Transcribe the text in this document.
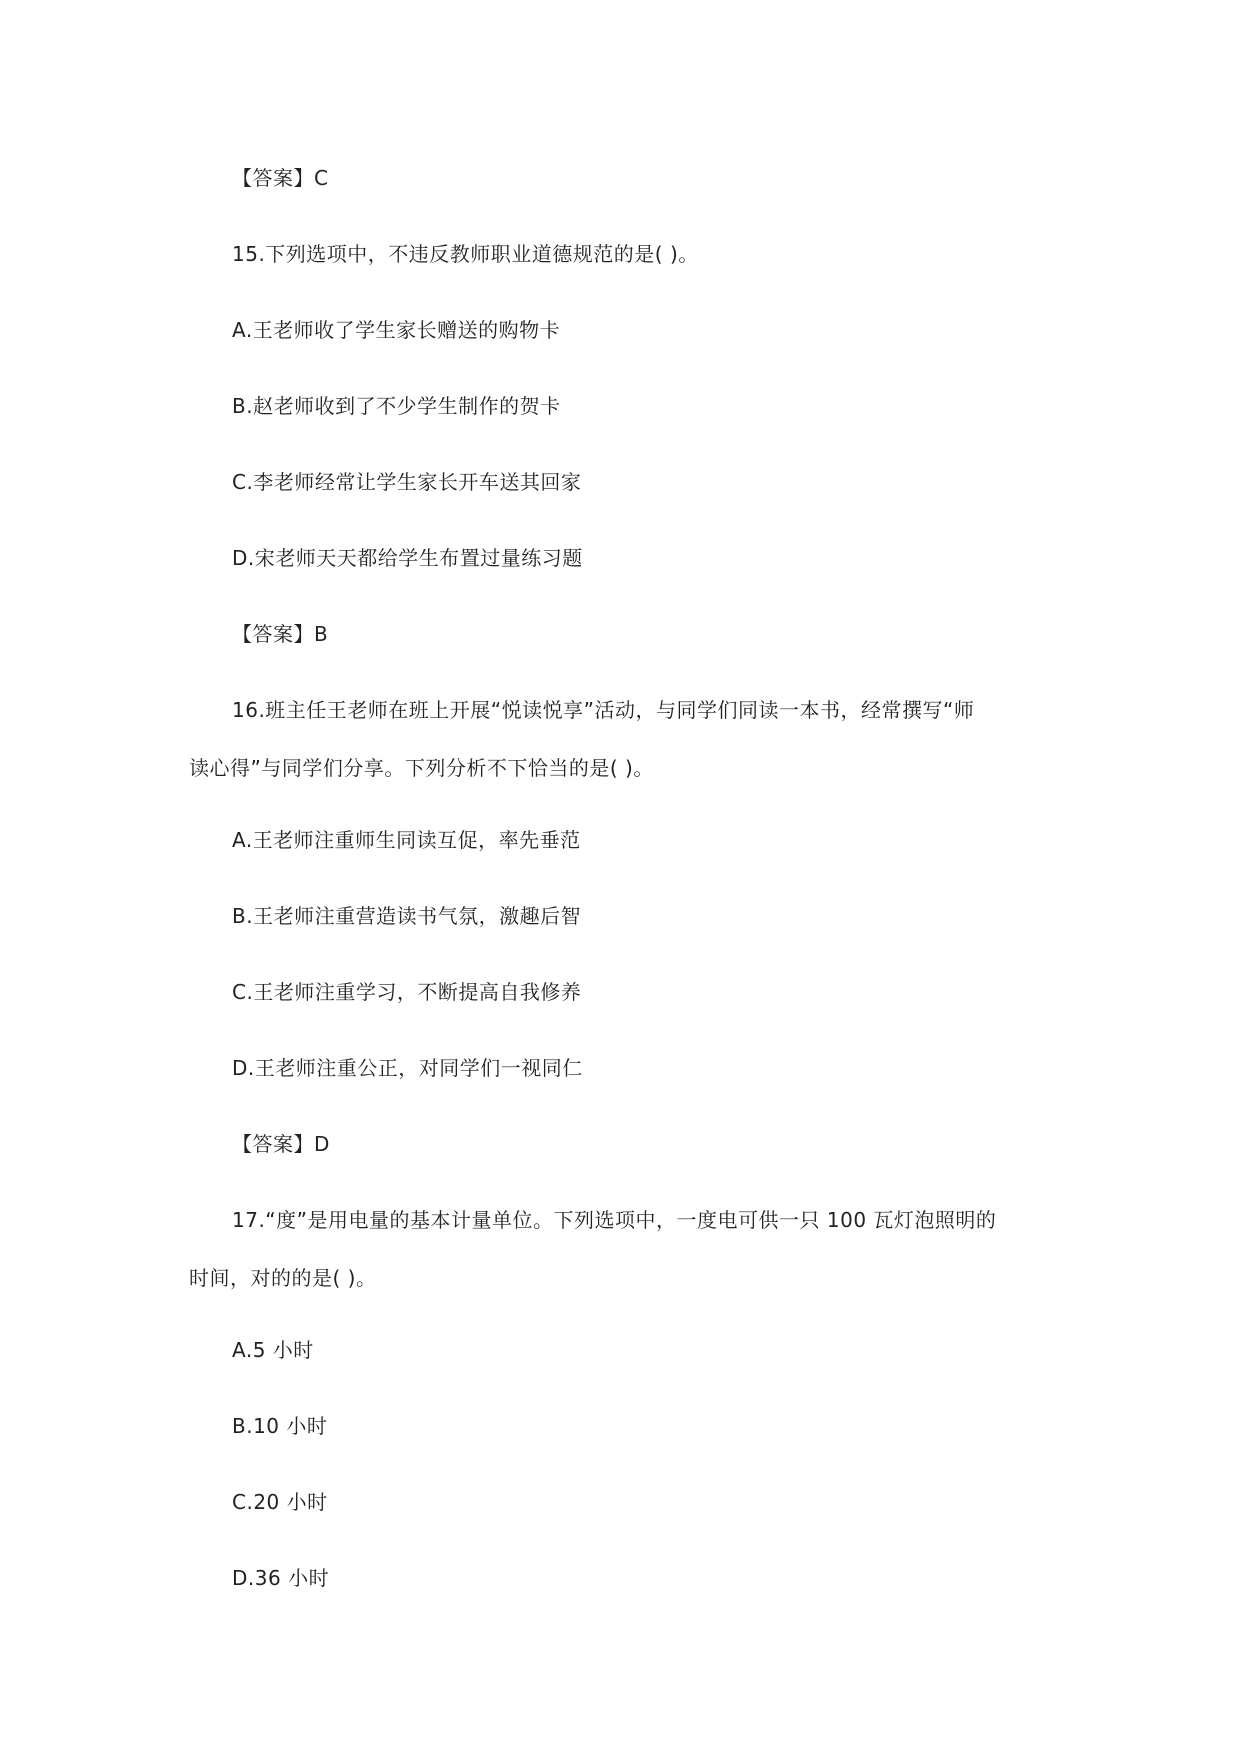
【答案】C
15.下列选项中，不违反教师职业道德规范的是( )。
A.王老师收了学生家长赠送的购物卡
B.赵老师收到了不少学生制作的贺卡
C.李老师经常让学生家长开车送其回家
D.宋老师天天都给学生布置过量练习题
【答案】B
16.班主任王老师在班上开展“悦读悦享”活动，与同学们同读一本书，经常撰写“师
读心得”与同学们分享。下列分析不下恰当的是( )。
A.王老师注重师生同读互促，率先垂范
B.王老师注重营造读书气氛，激趣后智
C.王老师注重学习，不断提高自我修养
D.王老师注重公正，对同学们一视同仁
【答案】D
17.“度”是用电量的基本计量单位。下列选项中，一度电可供一只 100 瓦灯泡照明的
时间，对的的是( )。
A.5 小时
B.10 小时
C.20 小时
D.36 小时
